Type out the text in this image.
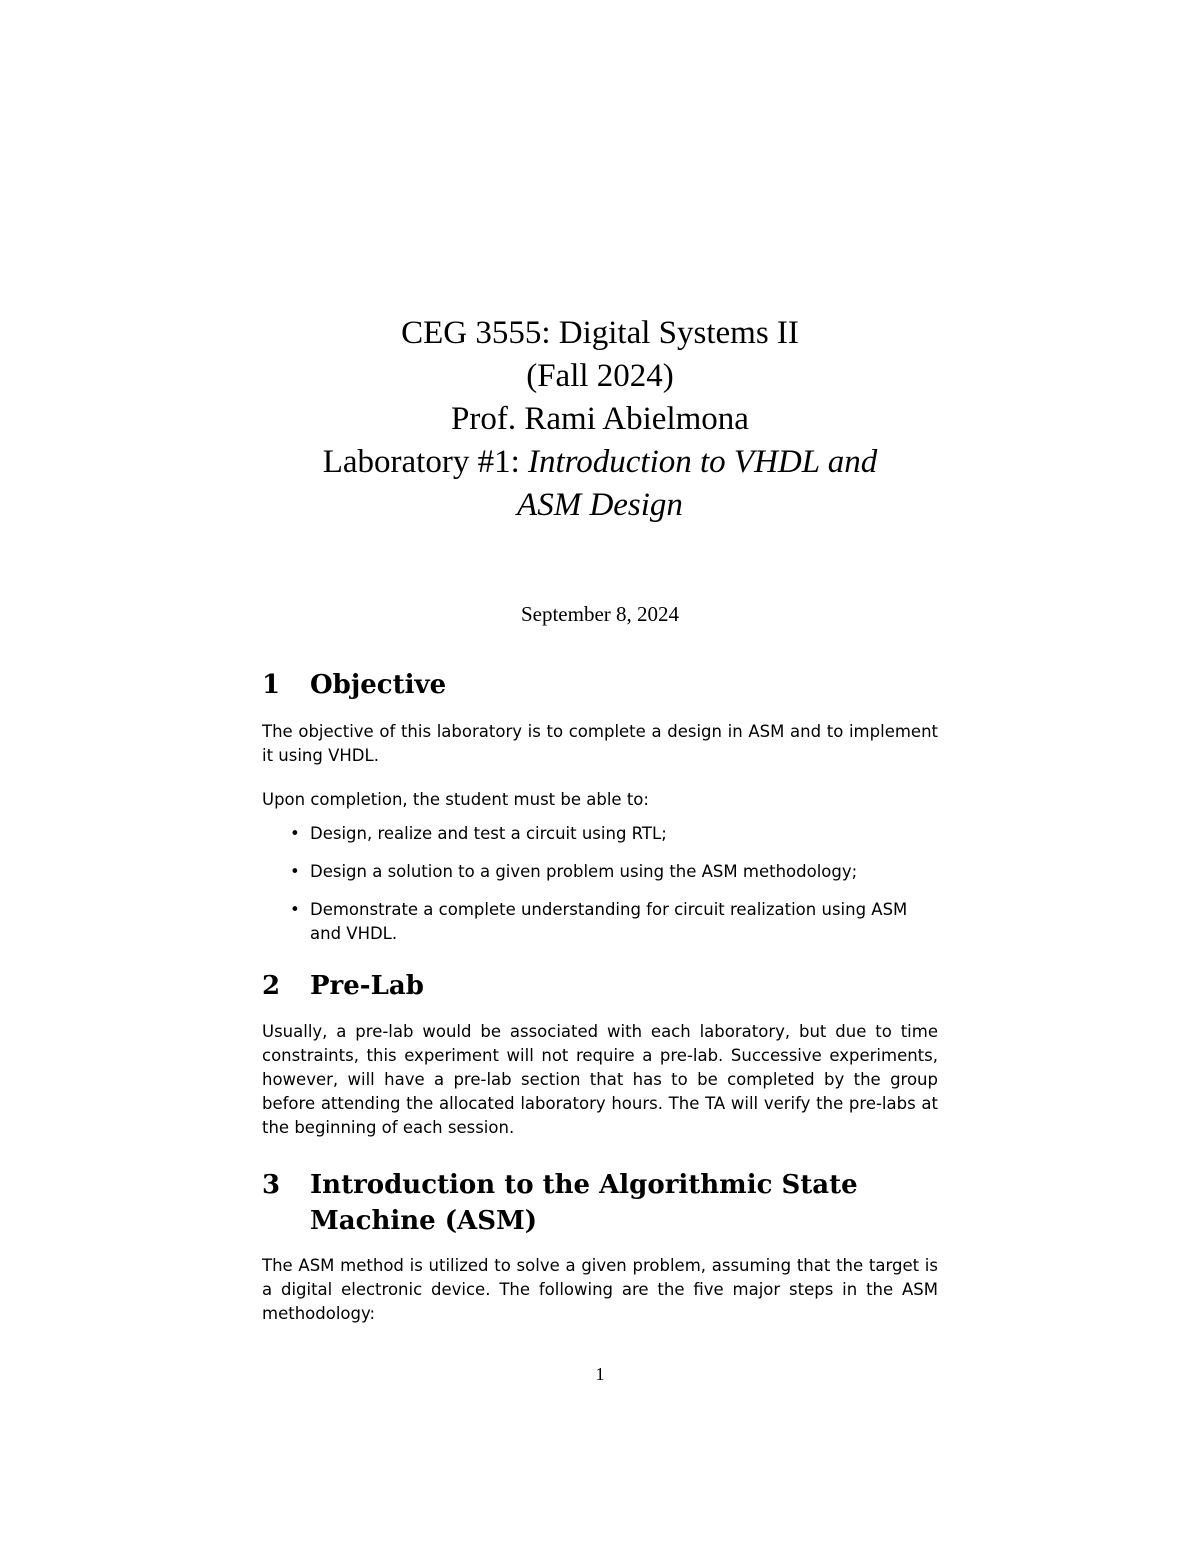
CEG 3555: Digital Systems II
(Fall 2024)
Prof. Rami Abielmona
Laboratory #1: Introduction to VHDL and
ASM Design
September 8, 2024
1 Objective

The objective of this laboratory is to complete a design in ASM and to implement it using VHDL.

Upon completion, the student must be able to:

• Design, realize and test a circuit using RTL;
• Design a solution to a given problem using the ASM methodology;
• Demonstrate a complete understanding for circuit realization using ASM and VHDL.
2 Pre-Lab

Usually, a pre-lab would be associated with each laboratory, but due to time constraints, this experiment will not require a pre-lab. Successive experiments, however, will have a pre-lab section that has to be completed by the group before attending the allocated laboratory hours. The TA will verify the pre-labs at the beginning of each session.

3 Introduction to the Algorithmic State Machine (ASM)

The ASM method is utilized to solve a given problem, assuming that the target is a digital electronic device. The following are the five major steps in the ASM methodology:

1
